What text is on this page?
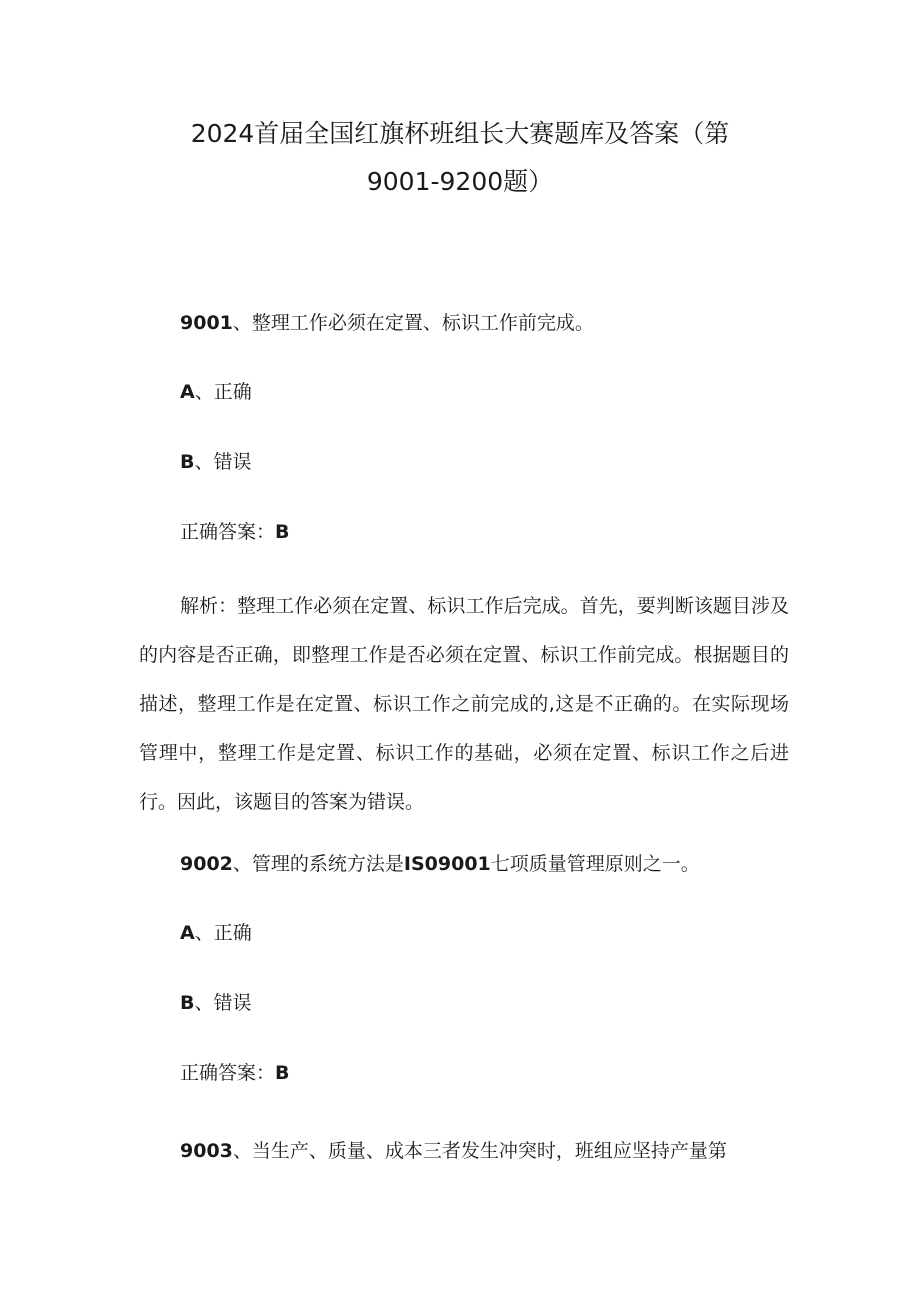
2024首届全国红旗杯班组长大赛题库及答案（第
9001-9200题）
9001、整理工作必须在定置、标识工作前完成。
A、正确
B、错误
正确答案：B
解析：整理工作必须在定置、标识工作后完成。首先，要判断该题目涉及的内容是否正确，即整理工作是否必须在定置、标识工作前完成。根据题目的描述，整理工作是在定置、标识工作之前完成的,这是不正确的。在实际现场管理中，整理工作是定置、标识工作的基础，必须在定置、标识工作之后进行。因此，该题目的答案为错误。
9002、管理的系统方法是IS09001七项质量管理原则之一。
A、正确
B、错误
正确答案：B
9003、当生产、质量、成本三者发生冲突时，班组应坚持产量第
